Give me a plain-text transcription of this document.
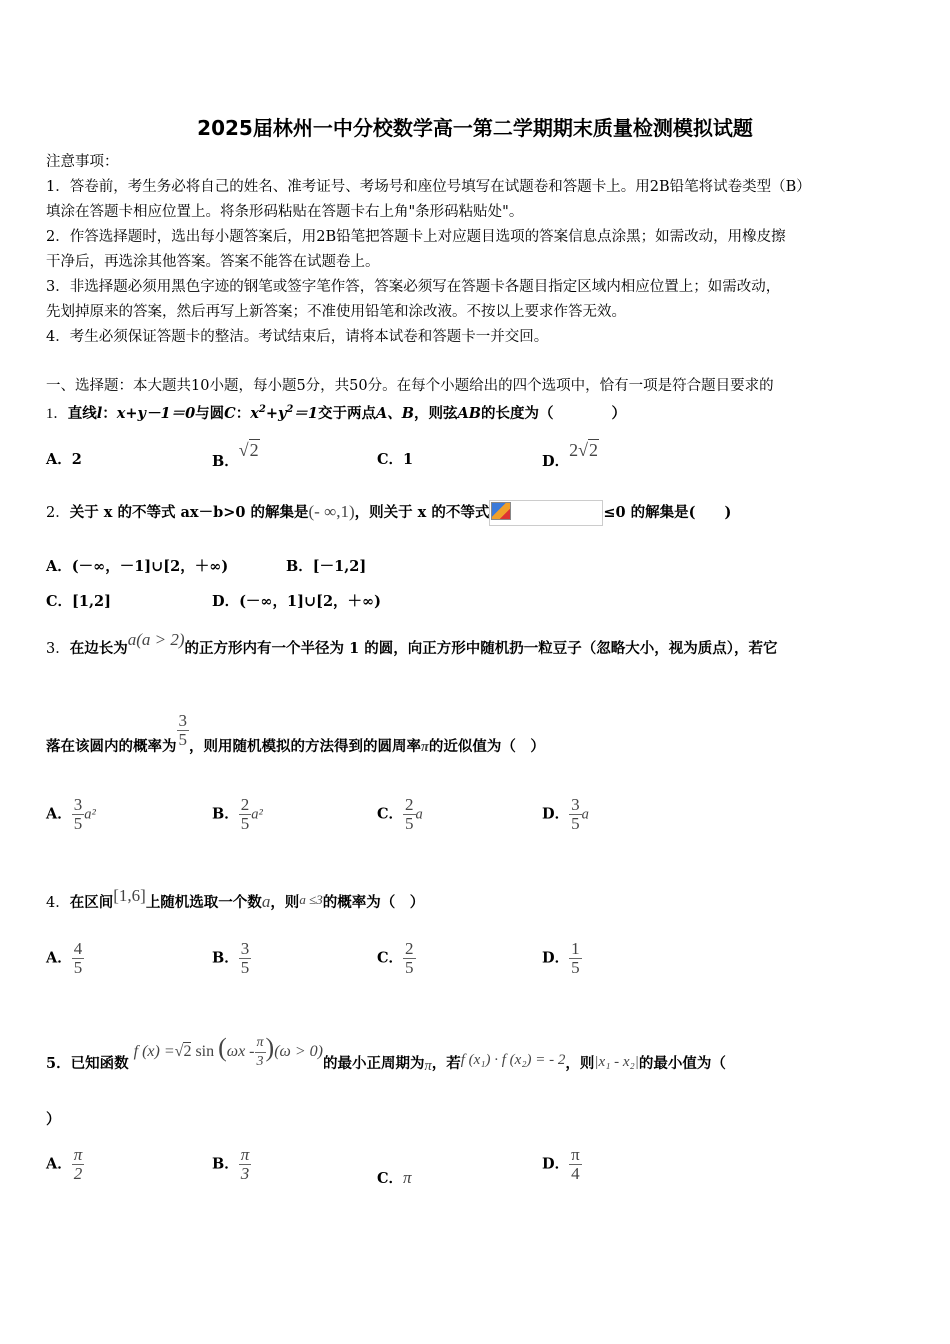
2025届林州一中分校数学高一第二学期期末质量检测模拟试题
注意事项：
1．答卷前，考生务必将自己的姓名、准考证号、考场号和座位号填写在试题卷和答题卡上。用2B铅笔将试卷类型（B）
填涂在答题卡相应位置上。将条形码粘贴在答题卡右上角"条形码粘贴处"。
2．作答选择题时，选出每小题答案后，用2B铅笔把答题卡上对应题目选项的答案信息点涂黑；如需改动，用橡皮擦
干净后，再选涂其他答案。答案不能答在试题卷上。
3．非选择题必须用黑色字迹的钢笔或签字笔作答，答案必须写在答题卡各题目指定区域内相应位置上；如需改动，
先划掉原来的答案，然后再写上新答案；不准使用铅笔和涂改液。不按以上要求作答无效。
4．考生必须保证答题卡的整洁。考试结束后，请将本试卷和答题卡一并交回。
一、选择题：本大题共10小题，每小题5分，共50分。在每个小题给出的四个选项中，恰有一项是符合题目要求的
1．直线l：x+y－1＝0与圆C：$x^2+y^2=1$交于两点A、B，则弦AB的长度为（　　　　）
A．2	B．√2	C．1	D．2√2
2．关于 x 的不等式 ax－b>0 的解集是(- ∞,1)，则关于 x 的不等式	≤0 的解集是(　　)
A．(－∞，－1]∪[2，＋∞)	B．[－1,2]
C．[1,2]	D．(－∞，1]∪[2，＋∞)
3．在边长为a(a > 2)的正方形内有一个半径为 1 的圆，向正方形中随机扔一粒豆子（忽略大小，视为质点），若它
落在该圆内的概率为 $\frac{3}{5}$ ，则用随机模拟的方法得到的圆周率π的近似值为（　）
A． $\frac{3}{5} a^2$	B． $\frac{2}{5} a^2$	C． $\frac{2}{5}$ a	D． $\frac{3}{5}$ a
4．在区间[1,6]上随机选取一个数a，则a ≤3的概率为（　）
A． $\frac{4}{5}$	B． $\frac{3}{5}$	C． $\frac{2}{5}$	D． $\frac{1}{5}$
5．已知函数 f (x) =√2 $\sin (\omega x - \frac{\pi}{3} )(\omega > 0)$的最小正周期为π，若f (x₁) · f (x₂) = - 2，则|x₁ - x₂|的最小值为（
）
A． $\frac{\pi}{2}$	B． $\frac{\pi}{3}$	C．π
D． $\frac{\pi}{4}$
